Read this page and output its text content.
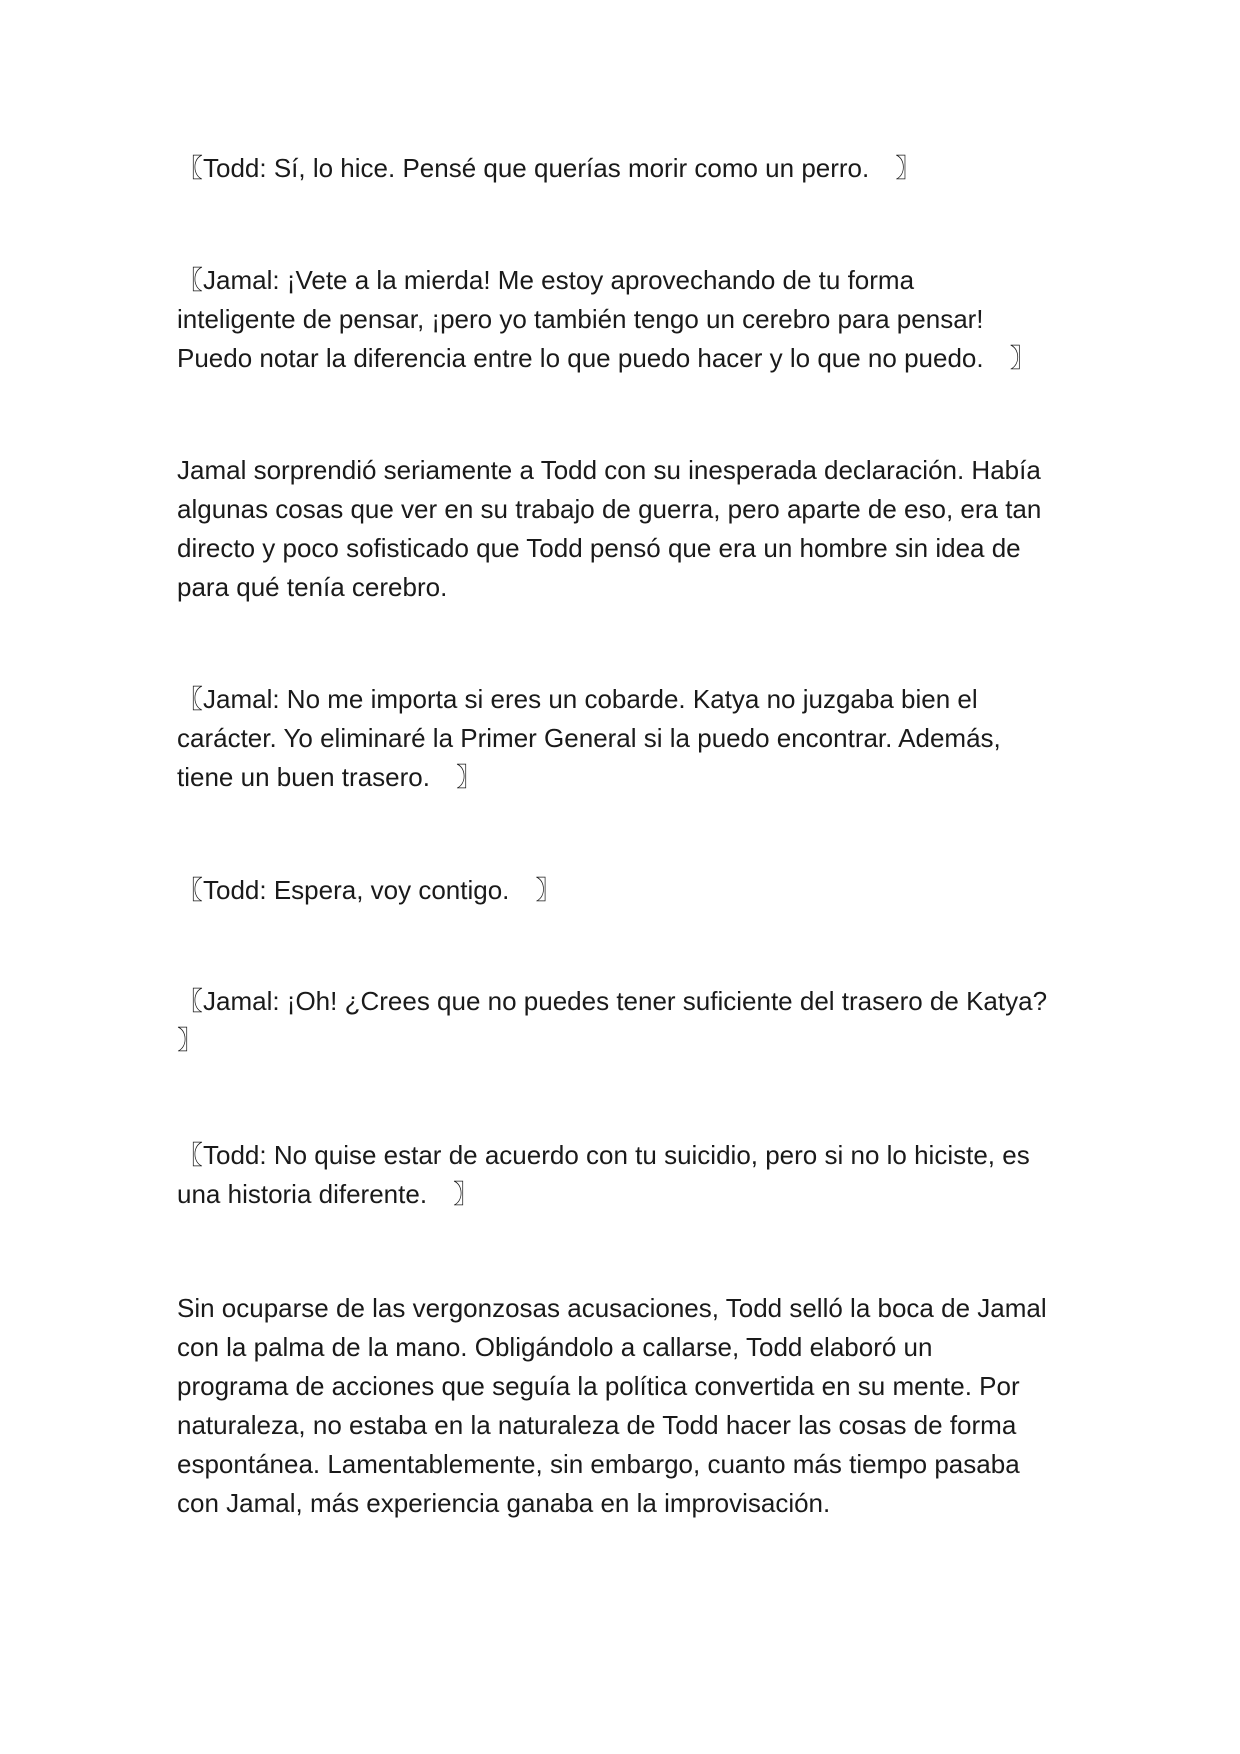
〖Todd: Sí, lo hice. Pensé que querías morir como un perro.　〗

〖Jamal: ¡Vete a la mierda! Me estoy aprovechando de tu forma
inteligente de pensar, ¡pero yo también tengo un cerebro para pensar!
Puedo notar la diferencia entre lo que puedo hacer y lo que no puedo.　〗

Jamal sorprendió seriamente a Todd con su inesperada declaración. Había
algunas cosas que ver en su trabajo de guerra, pero aparte de eso, era tan
directo y poco sofisticado que Todd pensó que era un hombre sin idea de
para qué tenía cerebro.

〖Jamal: No me importa si eres un cobarde. Katya no juzgaba bien el
carácter. Yo eliminaré la Primer General si la puedo encontrar. Además,
tiene un buen trasero.　〗

〖Todd: Espera, voy contigo.　〗

〖Jamal: ¡Oh! ¿Crees que no puedes tener suficiente del trasero de Katya?
〗

〖Todd: No quise estar de acuerdo con tu suicidio, pero si no lo hiciste, es
una historia diferente.　〗

Sin ocuparse de las vergonzosas acusaciones, Todd selló la boca de Jamal
con la palma de la mano. Obligándolo a callarse, Todd elaboró un
programa de acciones que seguía la política convertida en su mente. Por
naturaleza, no estaba en la naturaleza de Todd hacer las cosas de forma
espontánea. Lamentablemente, sin embargo, cuanto más tiempo pasaba
con Jamal, más experiencia ganaba en la improvisación.
